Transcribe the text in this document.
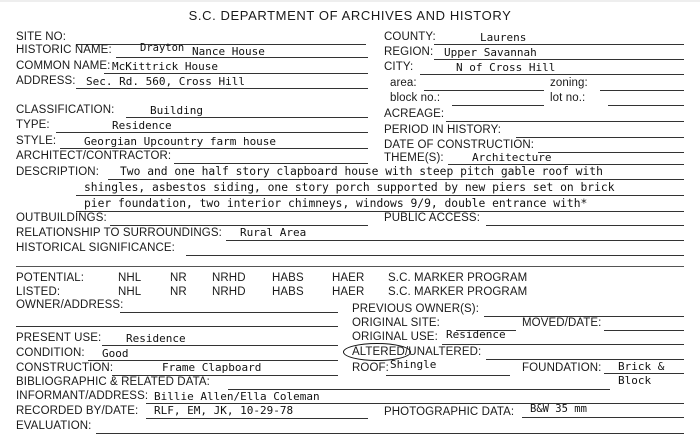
S.C. DEPARTMENT OF ARCHIVES AND HISTORY
SITE NO:
HISTORIC NAME:	Drayton Nance House
COMMON NAME: McKittrick House
ADDRESS: Sec. Rd. 560, Cross Hill
COUNTY:	Laurens
REGION: Upper Savannah
CITY:	N of Cross Hill
area:	zoning:
block no.:	lot no.:
CLASSIFICATION:	Building
TYPE:	Residence
STYLE:	Georgian Upcountry farm house
ARCHITECT/CONTRACTOR:
ACREAGE:
PERIOD IN HISTORY:
DATE OF CONSTRUCTION:
THEME(S):	Architecture
DESCRIPTION: Two and one half story clapboard house with steep pitch gable roof with
shingles, asbestos siding, one story porch supported by new piers set on brick
pier foundation, two interior chimneys, windows 9/9, double entrance with*
OUTBUILDINGS:	PUBLIC ACCESS:
RELATIONSHIP TO SURROUNDINGS: Rural Area
HISTORICAL SIGNIFICANCE:
POTENTIAL:	NHL NR NRHD HABS HAER S.C. MARKER PROGRAM
LISTED:	NHL NR NRHD HABS HAER S.C. MARKER PROGRAM
OWNER/ADDRESS:	PREVIOUS OWNER(S):
ORIGINAL SITE:	MOVED/DATE:
PRESENT USE: Residence	ORIGINAL USE: Residence
CONDITION: Good	ALTERED /UNALTERED:
CONSTRUCTION:	Frame Clapboard	ROOF: Shingle	FOUNDATION: Brick &
Block
BIBLIOGRAPHIC & RELATED DATA:
INFORMANT/ADDRESS: Billie Allen/Ella Coleman
RECORDED BY/DATE: RLF, EM, JK, 10-29-78	PHOTOGRAPHIC DATA: B&W 35 mm
EVALUATION:
